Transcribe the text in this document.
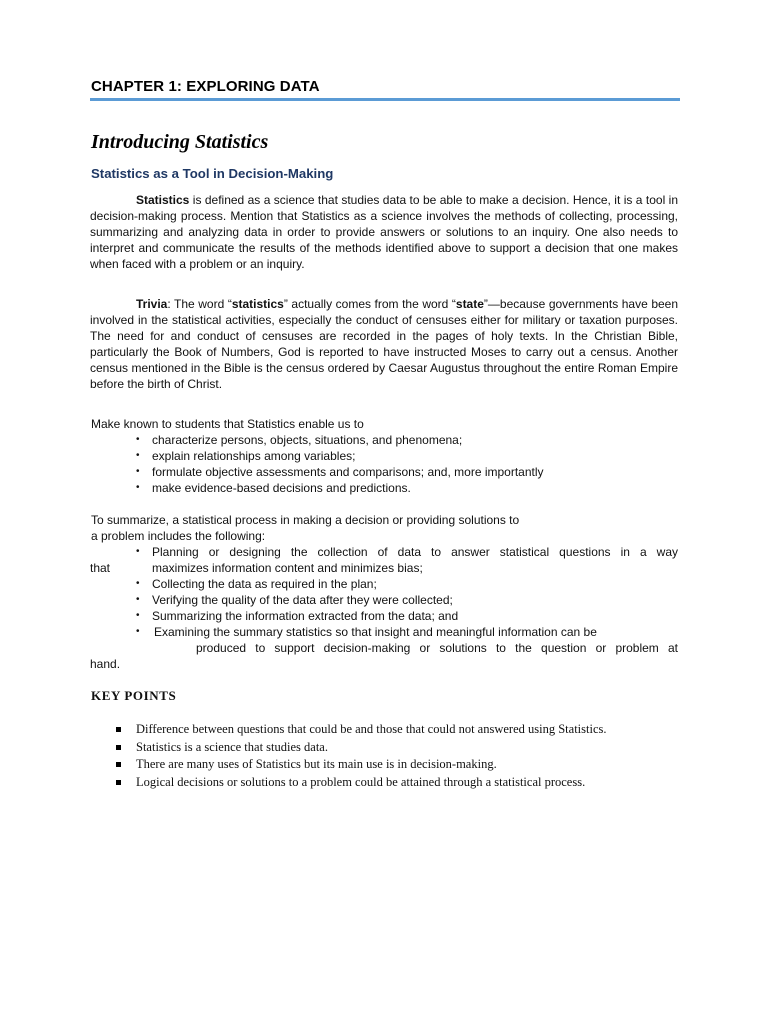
CHAPTER 1: EXPLORING DATA
Introducing Statistics
Statistics as a Tool in Decision-Making

Statistics is defined as a science that studies data to be able to make a decision. Hence, it is a tool in decision-making process. Mention that Statistics as a science involves the methods of collecting, processing, summarizing and analyzing data in order to provide answers or solutions to an inquiry. One also needs to interpret and communicate the results of the methods identified above to support a decision that one makes when faced with a problem or an inquiry.

Trivia: The word “statistics” actually comes from the word “state”—because governments have been involved in the statistical activities, especially the conduct of censuses either for military or taxation purposes. The need for and conduct of censuses are recorded in the pages of holy texts. In the Christian Bible, particularly the Book of Numbers, God is reported to have instructed Moses to carry out a census. Another census mentioned in the Bible is the census ordered by Caesar Augustus throughout the entire Roman Empire before the birth of Christ.

Make known to students that Statistics enable us to

• characterize persons, objects, situations, and phenomena;
• explain relationships among variables;
• formulate objective assessments and comparisons; and, more importantly
• make evidence-based decisions and predictions.
To summarize, a statistical process in making a decision or providing solutions to
a problem includes the following:
•	Planning or designing the collection of data to answer statistical questions in a way
that	maximizes information content and minimizes bias;
•	Collecting the data as required in the plan;
•	Verifying the quality of the data after they were collected;
•	Summarizing the information extracted from the data; and
•	Examining the summary statistics so that insight and meaningful information can be
produced to support decision-making or solutions to the question or problem at
hand.
KEY POINTS
Difference between questions that could be and those that could not answered using Statistics.
Statistics is a science that studies data.
There are many uses of Statistics but its main use is in decision-making.
Logical decisions or solutions to a problem could be attained through a statistical process.
